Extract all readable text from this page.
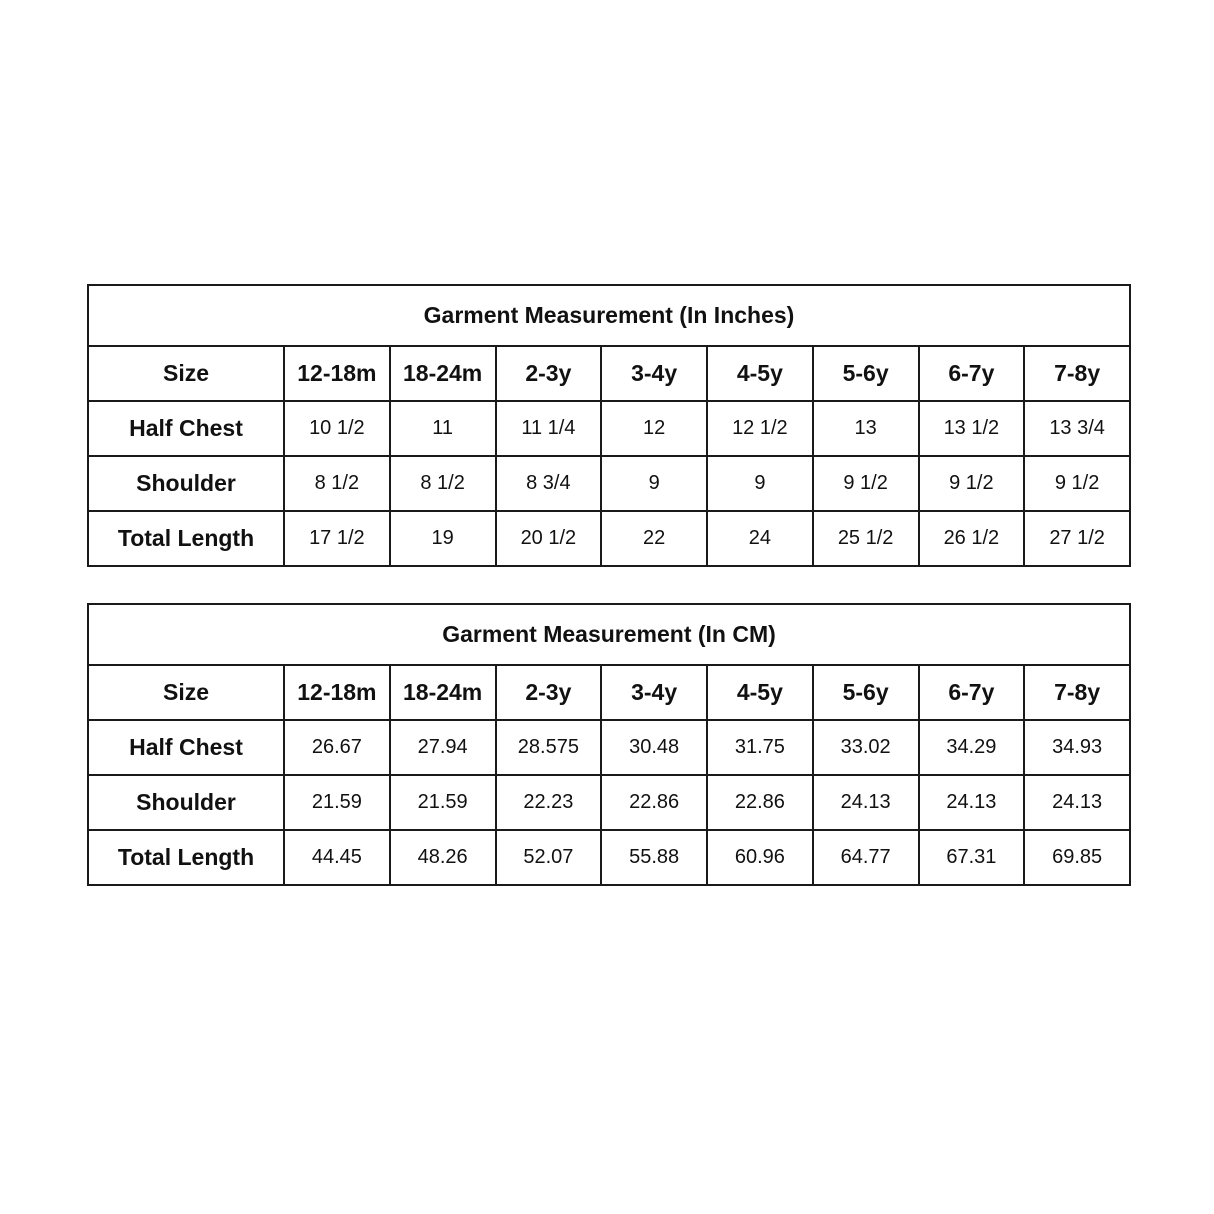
Garment Measurement (In Inches)								
Size	12-18m	18-24m	2-3y	3-4y	4-5y	5-6y	6-7y	7-8y
Half Chest	10 1/2	11	11 1/4	12	12 1/2	13	13 1/2	13 3/4
Shoulder	8 1/2	8 1/2	8 3/4	9	9	9 1/2	9 1/2	9 1/2
Total Length	17 1/2	19	20 1/2	22	24	25 1/2	26 1/2	27 1/2
Garment Measurement (In CM)								
Size	12-18m	18-24m	2-3y	3-4y	4-5y	5-6y	6-7y	7-8y
Half Chest	26.67	27.94	28.575	30.48	31.75	33.02	34.29	34.93
Shoulder	21.59	21.59	22.23	22.86	22.86	24.13	24.13	24.13
Total Length	44.45	48.26	52.07	55.88	60.96	64.77	67.31	69.85
